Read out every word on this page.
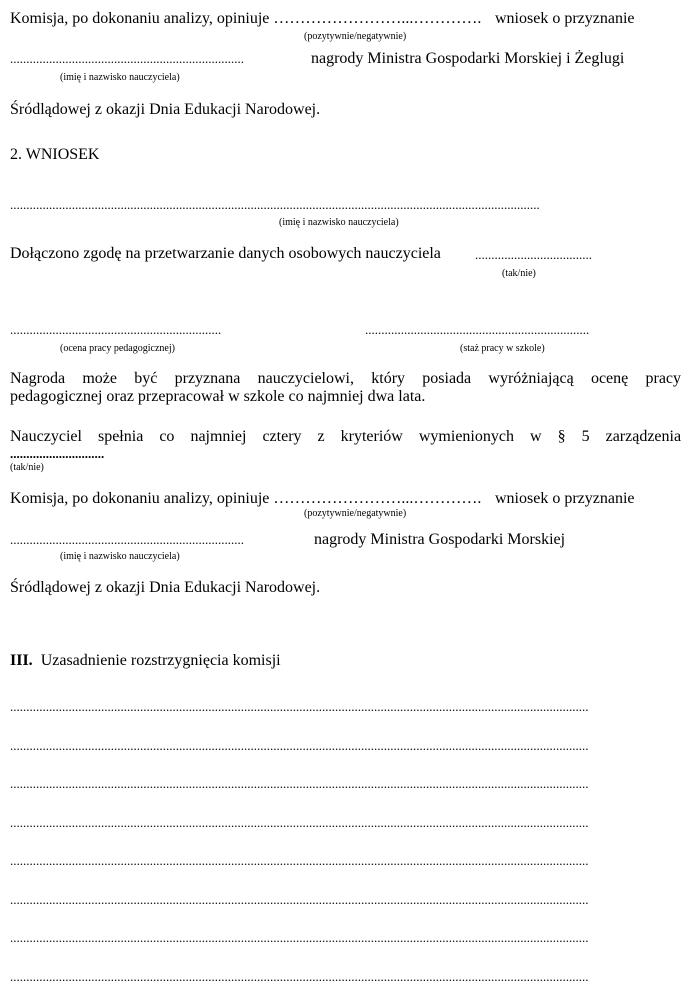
Komisja, po dokonaniu analizy, opiniuje ……………………...…………. wniosek o przyznanie
(pozytywnie/negatywnie)
........................................................................	nagrody Ministra Gospodarki Morskiej i Żeglugi
(imię i nazwisko nauczyciela)
Śródlądowej z okazji Dnia Edukacji Narodowej.
2. WNIOSEK
...................................................................................................................................................................
(imię i nazwisko nauczyciela)
Dołączono zgodę na przetwarzanie danych osobowych nauczyciela	....................................
(tak/nie)
.................................................................
(ocena pracy pedagogicznej)
.....................................................................
(staż pracy w szkole)
Nagroda może być przyznana nauczycielowi, który posiada wyróżniającą ocenę pracy
pedagogicznej oraz przepracował w szkole co najmniej dwa lata.
Nauczyciel spełnia co najmniej cztery z kryteriów wymienionych w § 5 zarządzenia
.............................
(tak/nie)
Komisja, po dokonaniu analizy, opiniuje ……………………...…………. wniosek o przyznanie
(pozytywnie/negatywnie)
........................................................................	nagrody Ministra Gospodarki Morskiej
(imię i nazwisko nauczyciela)
Śródlądowej z okazji Dnia Edukacji Narodowej.
III. Uzasadnienie rozstrzygnięcia komisji
..................................................................................................................................................................................
..................................................................................................................................................................................
..................................................................................................................................................................................
..................................................................................................................................................................................
..................................................................................................................................................................................
..................................................................................................................................................................................
..................................................................................................................................................................................
..................................................................................................................................................................................
